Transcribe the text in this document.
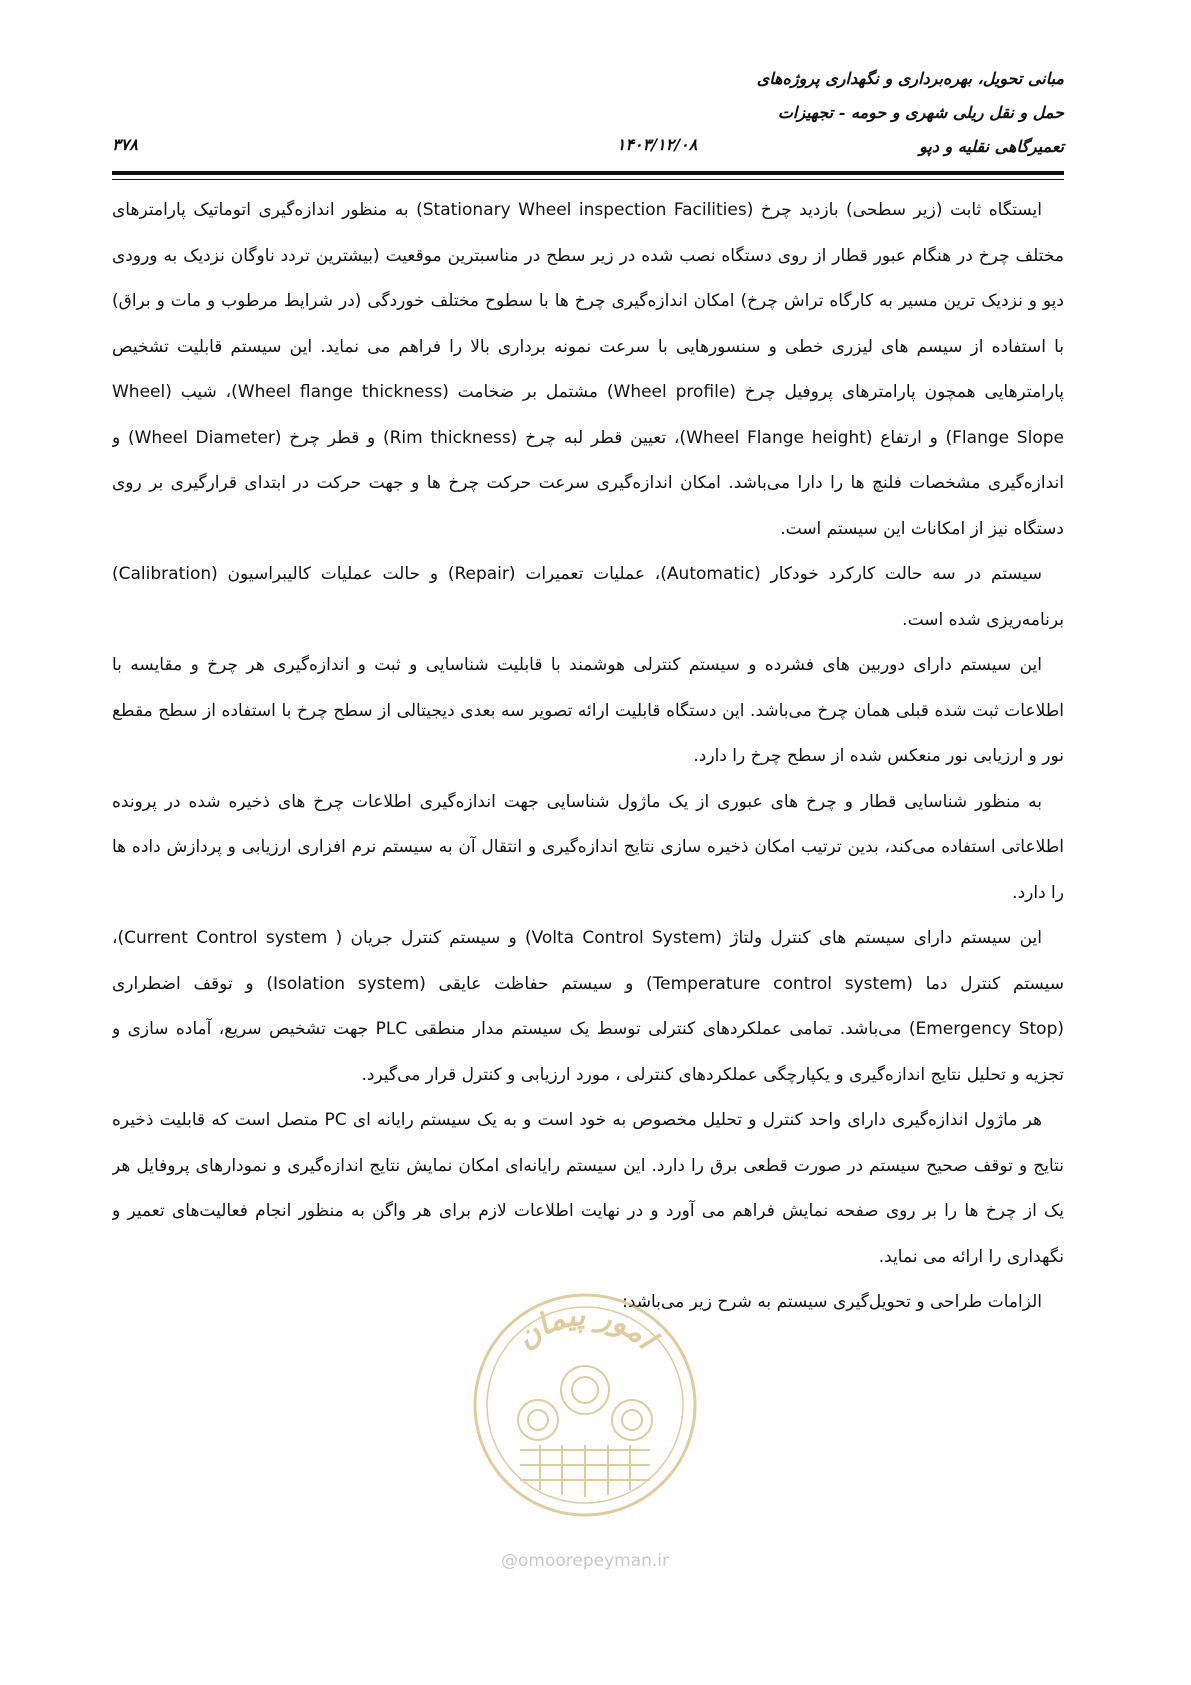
مبانی تحویل، بهره‌برداری و نگهداری پروژه‌های
حمل و نقل ریلی شهری و حومه - تجهیزات
تعمیرگاهی نقلیه و دپو
۱۴۰۳/۱۲/۰۸
۳۷۸

ایستگاه ثابت (زیر سطحی) بازدید چرخ (Stationary Wheel inspection Facilities) به منظور اندازه‌گیری اتوماتیک پارامترهای مختلف چرخ در هنگام عبور قطار از روی دستگاه نصب شده در زیر سطح در مناسبترین موقعیت (بیشترین تردد ناوگان نزدیک به ورودی دپو و نزدیک ترین مسیر به کارگاه تراش چرخ) امکان اندازه‌گیری چرخ ها با سطوح مختلف خوردگی (در شرایط مرطوب و مات و براق) با استفاده از سیسم های لیزری خطی و سنسورهایی با سرعت نمونه برداری بالا را فراهم می نماید. این سیستم قابلیت تشخیص پارامترهایی همچون پارامترهای پروفیل چرخ (Wheel profile) مشتمل بر ضخامت (Wheel flange thickness)، شیب (Wheel Flange Slope) و ارتفاع (Wheel Flange height)، تعیین قطر لبه چرخ (Rim thickness) و قطر چرخ (Wheel Diameter) و اندازه‌گیری مشخصات فلنچ ها را دارا می‌باشد. امکان اندازه‌گیری سرعت حرکت چرخ ها و جهت حرکت در ابتدای قرارگیری بر روی دستگاه نیز از امکانات این سیستم است.

سیستم در سه حالت کارکرد خودکار (Automatic)، عملیات تعمیرات (Repair) و حالت عملیات کالیبراسیون (Calibration) برنامه‌ریزی شده است.

این سیستم دارای دوربین های فشرده و سیستم کنترلی هوشمند با قابلیت شناسایی و ثبت و اندازه‌گیری هر چرخ و مقایسه با اطلاعات ثبت شده قبلی همان چرخ می‌باشد. این دستگاه قابلیت ارائه تصویر سه بعدی دیجیتالی از سطح چرخ با استفاده از سطح مقطع نور و ارزیابی نور منعکس شده از سطح چرخ را دارد.

به منظور شناسایی قطار و چرخ های عبوری از یک ماژول شناسایی جهت اندازه‌گیری اطلاعات چرخ های ذخیره شده در پرونده اطلاعاتی استفاده می‌کند، بدین ترتیب امکان ذخیره سازی نتایج اندازه‌گیری و انتقال آن به سیستم نرم افزاری ارزیابی و پردازش داده ها را دارد.

این سیستم دارای سیستم های کنترل ولتاژ (Volta Control System) و سیستم کنترل جریان ( Current Control system)، سیستم کنترل دما (Temperature control system) و سیستم حفاظت عایقی (Isolation system) و توقف اضطراری (Emergency Stop) می‌باشد. تمامی عملکردهای کنترلی توسط یک سیستم مدار منطقی PLC جهت تشخیص سریع، آماده سازی و تجزیه و تحلیل نتایج اندازه‌گیری و یکپارچگی عملکردهای کنترلی ، مورد ارزیابی و کنترل قرار می‌گیرد.

هر ماژول اندازه‌گیری دارای واحد کنترل و تحلیل مخصوص به خود است و به یک سیستم رایانه ای PC متصل است که قابلیت ذخیره نتایج و توقف صحیح سیستم در صورت قطعی برق را دارد. این سیستم رایانه‌ای امکان نمایش نتایج اندازه‌گیری و نمودارهای پروفایل هر یک از چرخ ها را بر روی صفحه نمایش فراهم می آورد و در نهایت اطلاعات لازم برای هر واگن به منظور انجام فعالیت‌های تعمیر و نگهداری را ارائه می نماید.

الزامات طراحی و تحویل‌گیری سیستم به شرح زیر می‌باشد:

امور پیمان
@omoorepeyman.ir
